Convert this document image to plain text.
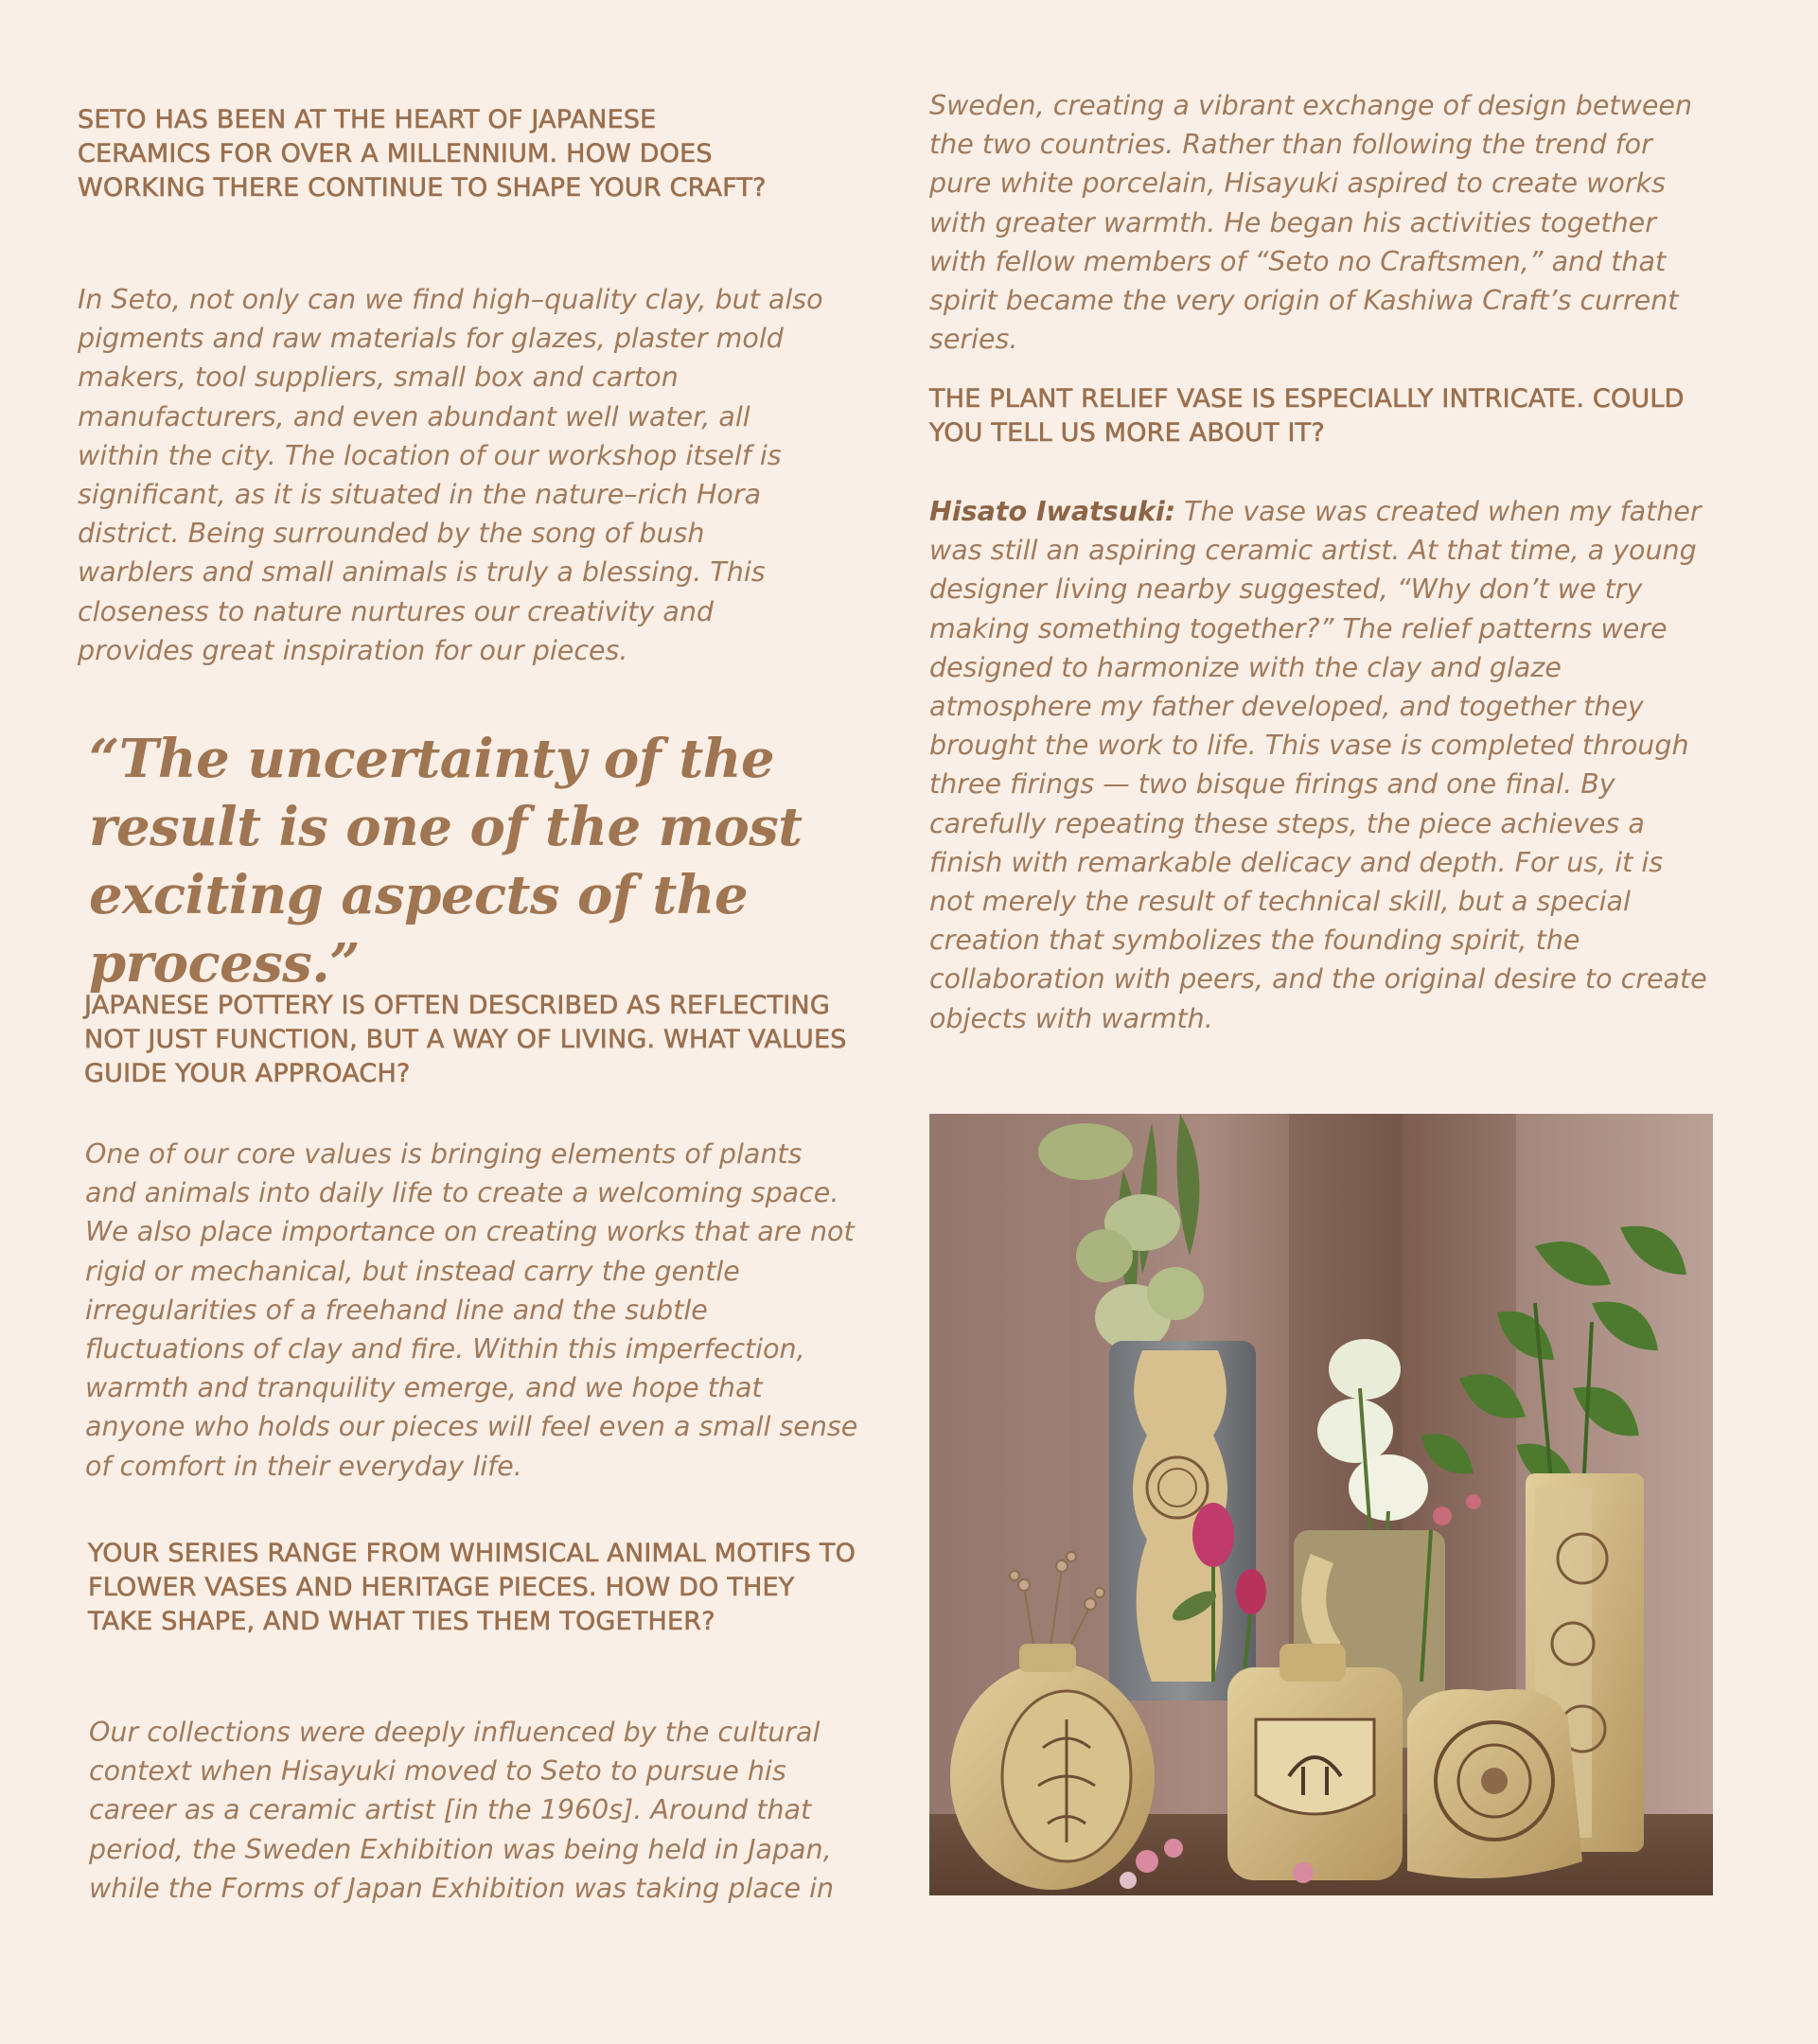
SETO HAS BEEN AT THE HEART OF JAPANESE CERAMICS FOR OVER A MILLENNIUM. HOW DOES WORKING THERE CONTINUE TO SHAPE YOUR CRAFT?

In Seto, not only can we find high–quality clay, but also pigments and raw materials for glazes, plaster mold makers, tool suppliers, small box and carton manufacturers, and even abundant well water, all within the city. The location of our workshop itself is significant, as it is situated in the nature–rich Hora district. Being surrounded by the song of bush warblers and small animals is truly a blessing. This closeness to nature nurtures our creativity and provides great inspiration for our pieces.

“The uncertainty of the result is one of the most exciting aspects of the process.”
JAPANESE POTTERY IS OFTEN DESCRIBED AS REFLECTING NOT JUST FUNCTION, BUT A WAY OF LIVING. WHAT VALUES GUIDE YOUR APPROACH?

One of our core values is bringing elements of plants and animals into daily life to create a welcoming space. We also place importance on creating works that are not rigid or mechanical, but instead carry the gentle irregularities of a freehand line and the subtle fluctuations of clay and fire. Within this imperfection, warmth and tranquility emerge, and we hope that anyone who holds our pieces will feel even a small sense of comfort in their everyday life.

YOUR SERIES RANGE FROM WHIMSICAL ANIMAL MOTIFS TO FLOWER VASES AND HERITAGE PIECES. HOW DO THEY TAKE SHAPE, AND WHAT TIES THEM TOGETHER?

Our collections were deeply influenced by the cultural context when Hisayuki moved to Seto to pursue his career as a ceramic artist [in the 1960s]. Around that period, the Sweden Exhibition was being held in Japan, while the Forms of Japan Exhibition was taking place in

Sweden, creating a vibrant exchange of design between the two countries. Rather than following the trend for pure white porcelain, Hisayuki aspired to create works with greater warmth. He began his activities together with fellow members of “Seto no Craftsmen,” and that spirit became the very origin of Kashiwa Craft’s current series.

THE PLANT RELIEF VASE IS ESPECIALLY INTRICATE. COULD YOU TELL US MORE ABOUT IT?

Hisato Iwatsuki: The vase was created when my father was still an aspiring ceramic artist. At that time, a young designer living nearby suggested, “Why don’t we try making something together?” The relief patterns were designed to harmonize with the clay and glaze atmosphere my father developed, and together they brought the work to life. This vase is completed through three firings — two bisque firings and one final. By carefully repeating these steps, the piece achieves a finish with remarkable delicacy and depth. For us, it is not merely the result of technical skill, but a special creation that symbolizes the founding spirit, the collaboration with peers, and the original desire to create objects with warmth.
